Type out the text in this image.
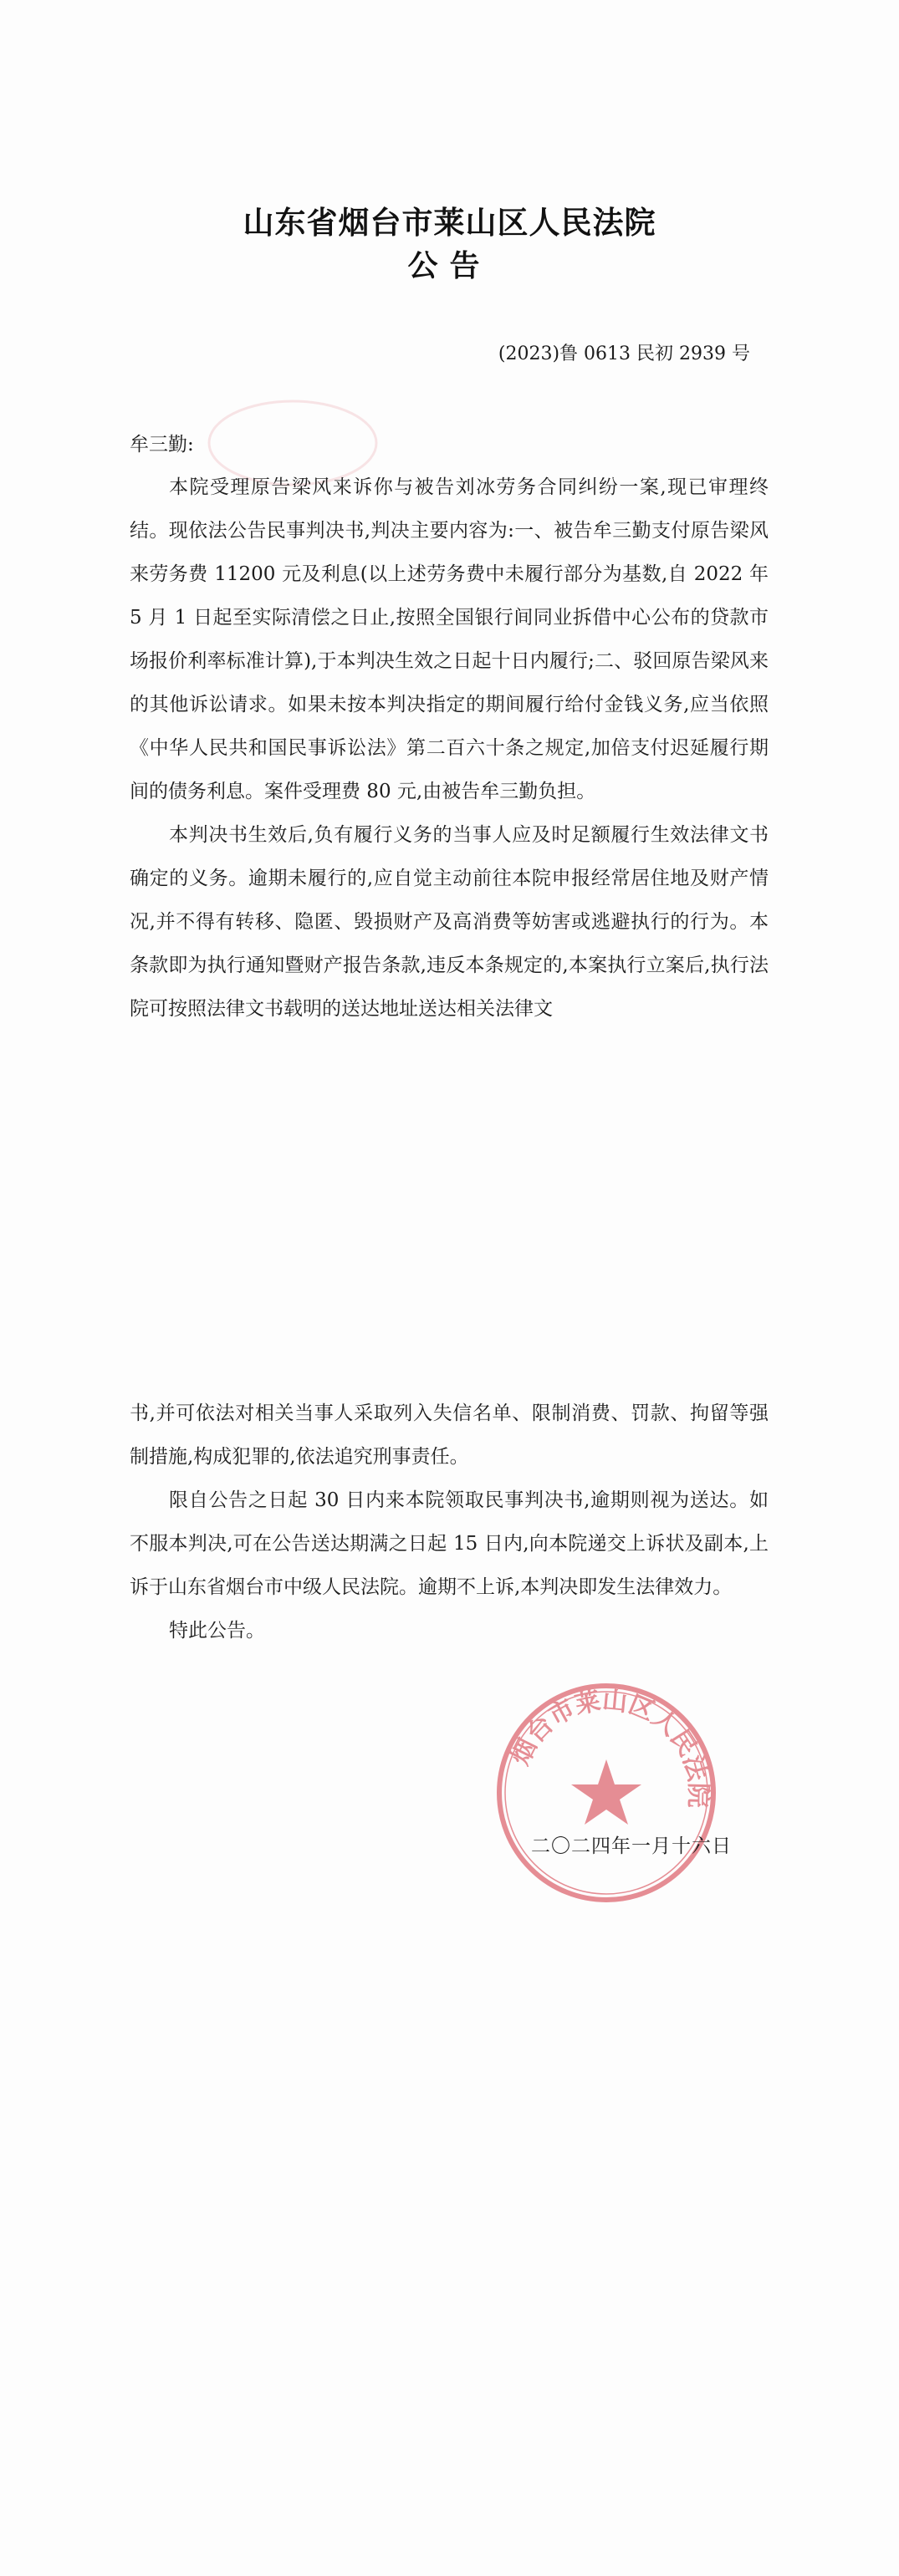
山东省烟台市莱山区人民法院
公告
(2023)鲁 0613 民初 2939 号
牟三勤:

本院受理原告梁风来诉你与被告刘冰劳务合同纠纷一案,现已审理终结。现依法公告民事判决书,判决主要内容为:一、被告牟三勤支付原告梁风来劳务费 11200 元及利息(以上述劳务费中未履行部分为基数,自 2022 年 5 月 1 日起至实际清偿之日止,按照全国银行间同业拆借中心公布的贷款市场报价利率标准计算),于本判决生效之日起十日内履行;二、驳回原告梁风来的其他诉讼请求。如果未按本判决指定的期间履行给付金钱义务,应当依照《中华人民共和国民事诉讼法》第二百六十条之规定,加倍支付迟延履行期间的债务利息。案件受理费 80 元,由被告牟三勤负担。

本判决书生效后,负有履行义务的当事人应及时足额履行生效法律文书确定的义务。逾期未履行的,应自觉主动前往本院申报经常居住地及财产情况,并不得有转移、隐匿、毁损财产及高消费等妨害或逃避执行的行为。本条款即为执行通知暨财产报告条款,违反本条规定的,本案执行立案后,执行法院可按照法律文书载明的送达地址送达相关法律文

书,并可依法对相关当事人采取列入失信名单、限制消费、罚款、拘留等强制措施,构成犯罪的,依法追究刑事责任。

限自公告之日起 30 日内来本院领取民事判决书,逾期则视为送达。如不服本判决,可在公告送达期满之日起 15 日内,向本院递交上诉状及副本,上诉于山东省烟台市中级人民法院。逾期不上诉,本判决即发生法律效力。

特此公告。

烟台市莱山区人民法院
二〇二四年一月十六日
